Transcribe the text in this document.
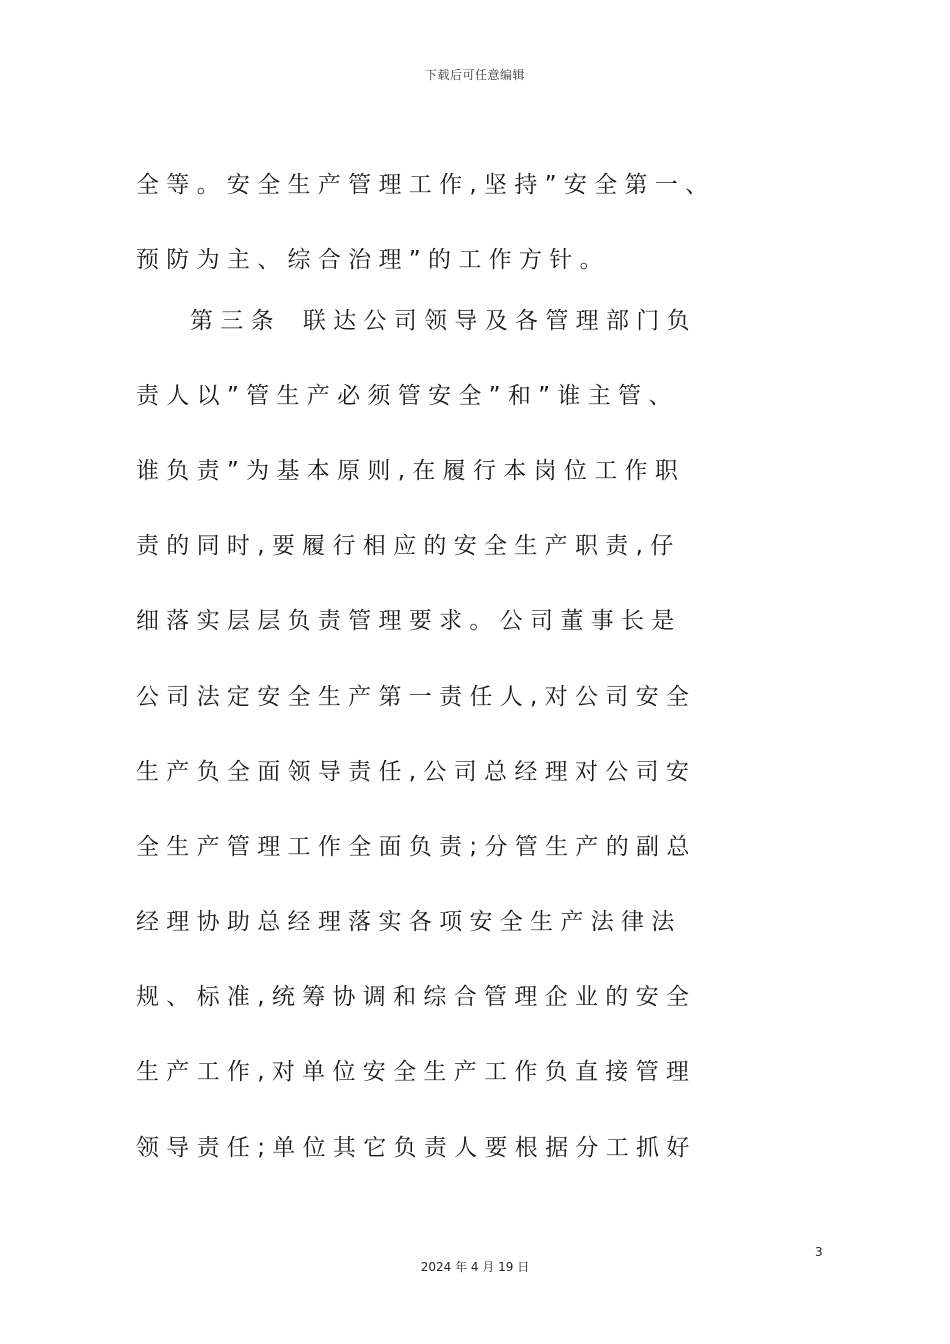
下载后可任意编辑
全 等 。 安 全 生 产 管 理 工 作 , 坚 持 ” 安 全 第 一 、
预 防 为 主 、 综 合 治 理 ” 的 工 作 方 针 。
第 三 条    联 达 公 司 领 导 及 各 管 理 部 门 负
责 人 以 ” 管 生 产 必 须 管 安 全 ” 和 ” 谁 主 管 、
谁 负 责 ” 为 基 本 原 则 , 在 履 行 本 岗 位 工 作 职
责 的 同 时 , 要 履 行 相 应 的 安 全 生 产 职 责 , 仔
细 落 实 层 层 负 责 管 理 要 求 。 公 司 董 事 长 是
公 司 法 定 安 全 生 产 第 一 责 任 人 , 对 公 司 安 全
生 产 负 全 面 领 导 责 任 , 公 司 总 经 理 对 公 司 安
全 生 产 管 理 工 作 全 面 负 责 ; 分 管 生 产 的 副 总
经 理 协 助 总 经 理 落 实 各 项 安 全 生 产 法 律 法
规 、 标 准 , 统 筹 协 调 和 综 合 管 理 企 业 的 安 全
生 产 工 作 , 对 单 位 安 全 生 产 工 作 负 直 接 管 理
领 导 责 任 ; 单 位 其 它 负 责 人 要 根 据 分 工 抓 好
3
2024 年 4 月 19 日
